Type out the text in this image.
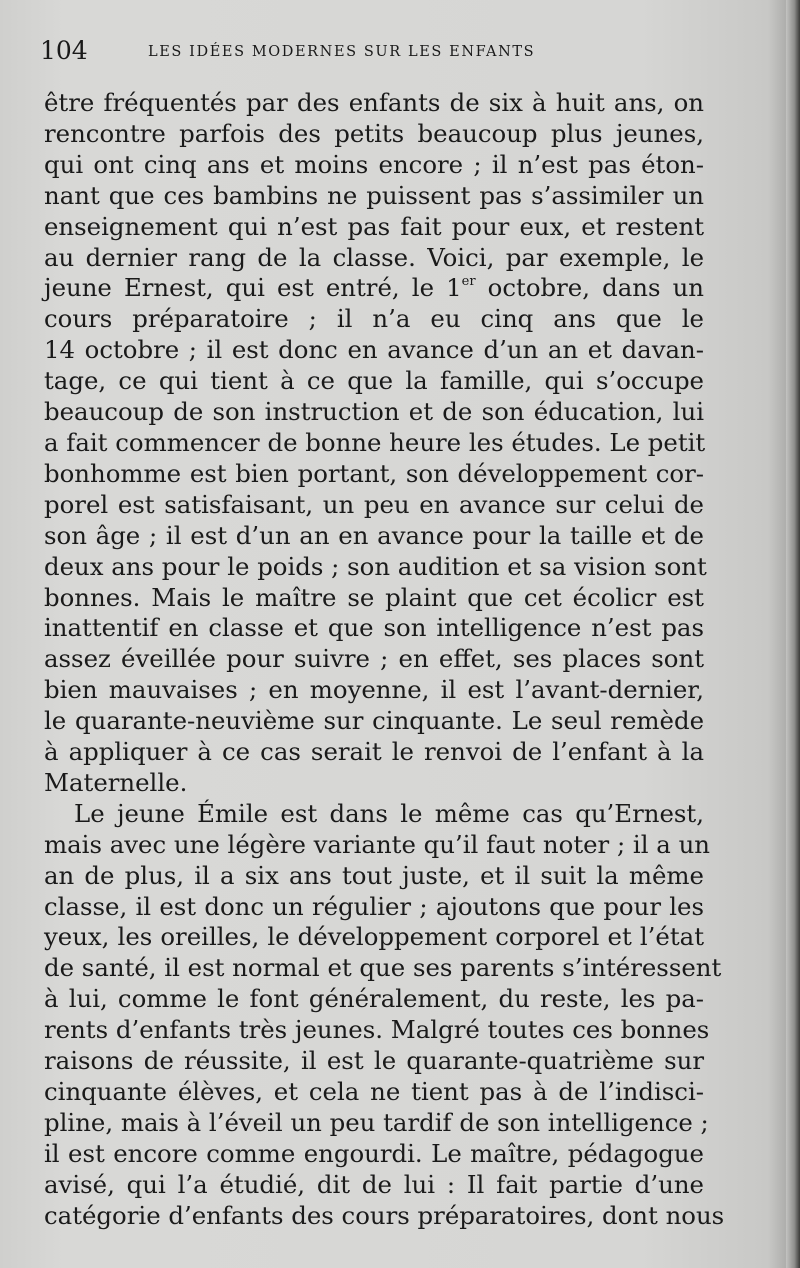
104	LES IDÉES MODERNES SUR LES ENFANTS

être fréquentés par des enfants de six à huit ans, on
rencontre parfois des petits beaucoup plus jeunes,
qui ont cinq ans et moins encore ; il n’est pas éton-
nant que ces bambins ne puissent pas s’assimiler un
enseignement qui n’est pas fait pour eux, et restent
au dernier rang de la classe. Voici, par exemple, le
jeune Ernest, qui est entré, le 1er octobre, dans un
cours préparatoire ; il n’a eu cinq ans que le
14 octobre ; il est donc en avance d’un an et davan-
tage, ce qui tient à ce que la famille, qui s’occupe
beaucoup de son instruction et de son éducation, lui
a fait commencer de bonne heure les études. Le petit
bonhomme est bien portant, son développement cor-
porel est satisfaisant, un peu en avance sur celui de
son âge ; il est d’un an en avance pour la taille et de
deux ans pour le poids ; son audition et sa vision sont
bonnes. Mais le maître se plaint que cet écolicr est
inattentif en classe et que son intelligence n’est pas
assez éveillée pour suivre ; en effet, ses places sont
bien mauvaises ; en moyenne, il est l’avant-dernier,
le quarante-neuvième sur cinquante. Le seul remède
à appliquer à ce cas serait le renvoi de l’enfant à la
Maternelle.

Le jeune Émile est dans le même cas qu’Ernest,
mais avec une légère variante qu’il faut noter ; il a un
an de plus, il a six ans tout juste, et il suit la même
classe, il est donc un régulier ; ajoutons que pour les
yeux, les oreilles, le développement corporel et l’état
de santé, il est normal et que ses parents s’intéressent
à lui, comme le font généralement, du reste, les pa-
rents d’enfants très jeunes. Malgré toutes ces bonnes
raisons de réussite, il est le quarante-quatrième sur
cinquante élèves, et cela ne tient pas à de l’indisci-
pline, mais à l’éveil un peu tardif de son intelligence ;
il est encore comme engourdi. Le maître, pédagogue
avisé, qui l’a étudié, dit de lui : Il fait partie d’une
catégorie d’enfants des cours préparatoires, dont nous
